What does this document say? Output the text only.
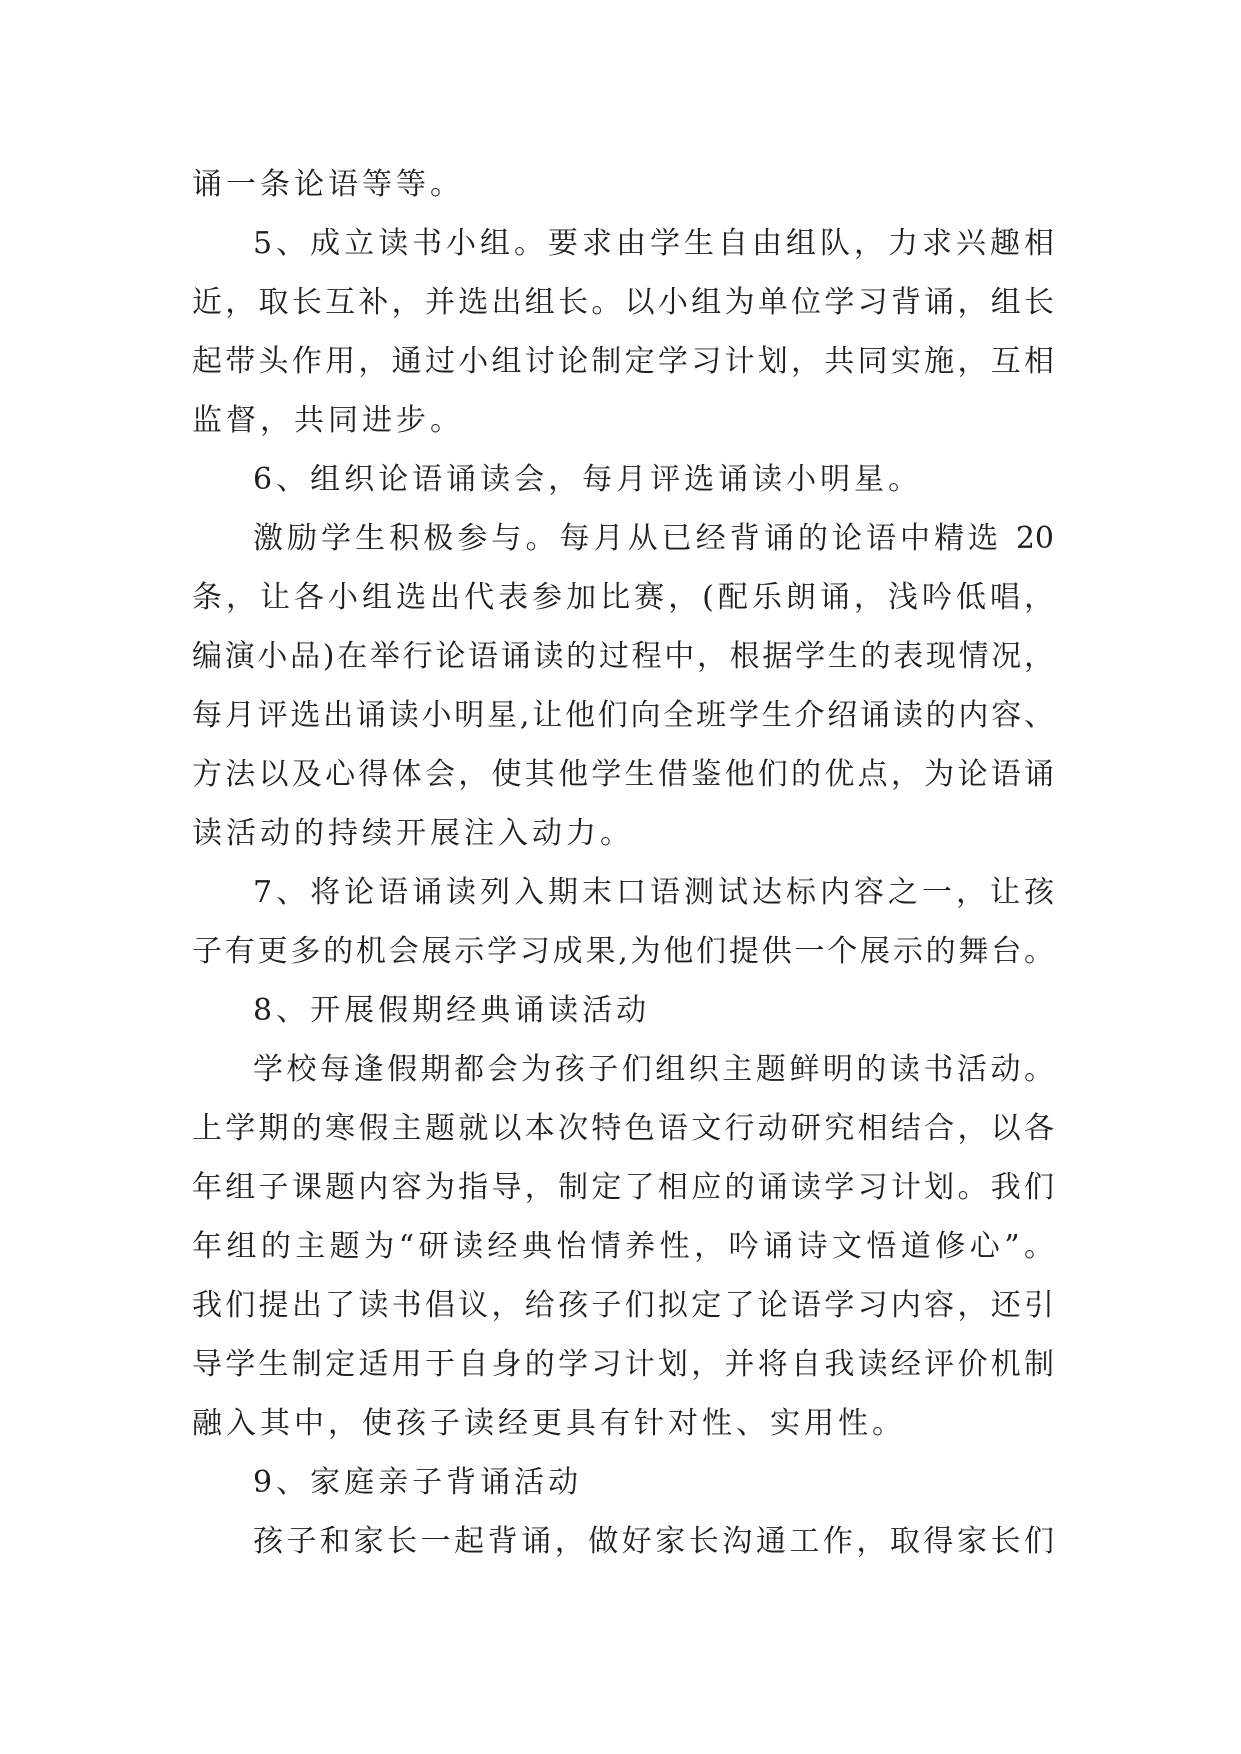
诵一条论语等等。
5、成立读书小组。要求由学生自由组队，力求兴趣相
近，取长互补，并选出组长。以小组为单位学习背诵，组长
起带头作用，通过小组讨论制定学习计划，共同实施，互相
监督，共同进步。
6、组织论语诵读会，每月评选诵读小明星。
激励学生积极参与。每月从已经背诵的论语中精选 20
条，让各小组选出代表参加比赛，(配乐朗诵，浅吟低唱，
编演小品)在举行论语诵读的过程中，根据学生的表现情况，
每月评选出诵读小明星,让他们向全班学生介绍诵读的内容、
方法以及心得体会，使其他学生借鉴他们的优点，为论语诵
读活动的持续开展注入动力。
7、将论语诵读列入期末口语测试达标内容之一，让孩
子有更多的机会展示学习成果,为他们提供一个展示的舞台。
8、开展假期经典诵读活动
学校每逢假期都会为孩子们组织主题鲜明的读书活动。
上学期的寒假主题就以本次特色语文行动研究相结合，以各
年组子课题内容为指导，制定了相应的诵读学习计划。我们
年组的主题为“研读经典怡情养性，吟诵诗文悟道修心”。
我们提出了读书倡议，给孩子们拟定了论语学习内容，还引
导学生制定适用于自身的学习计划，并将自我读经评价机制
融入其中，使孩子读经更具有针对性、实用性。
9、家庭亲子背诵活动
孩子和家长一起背诵，做好家长沟通工作，取得家长们
